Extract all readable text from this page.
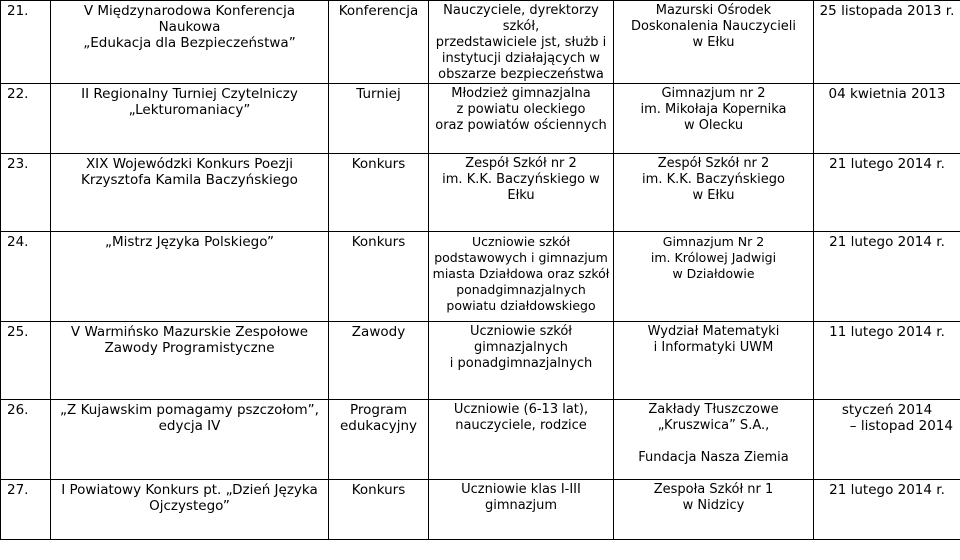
21.	V Międzynarodowa Konferencja Naukowa
„Edukacja dla Bezpieczeństwa”	Konferencja	Nauczyciele, dyrektorzy szkół,
przedstawiciele jst, służb i
instytucji działających w
obszarze bezpieczeństwa	Mazurski Ośrodek
Doskonalenia Nauczycieli
w Ełku	25 listopada 2013 r.

22.	II Regionalny Turniej Czytelniczy
„Lekturomaniacy”	Turniej	Młodzież gimnazjalna
z powiatu oleckiego
oraz powiatów ościennych	Gimnazjum nr 2
im. Mikołaja Kopernika
w Olecku	04 kwietnia 2013

23.	XIX Wojewódzki Konkurs Poezji
Krzysztofa Kamila Baczyńskiego	Konkurs	Zespół Szkół nr 2
im. K.K. Baczyńskiego w Ełku	Zespół Szkół nr 2
im. K.K. Baczyńskiego
w Ełku	21 lutego 2014 r.

24.	„Mistrz Języka Polskiego”	Konkurs	Uczniowie szkół
podstawowych i gimnazjum
miasta Działdowa oraz szkół
ponadgimnazjalnych
powiatu działdowskiego	Gimnazjum Nr 2
im. Królowej Jadwigi
w Działdowie	21 lutego 2014 r.

25.	V Warmińsko Mazurskie Zespołowe
Zawody Programistyczne	Zawody	Uczniowie szkół gimnazjalnych
i ponadgimnazjalnych	Wydział Matematyki
i Informatyki UWM	11 lutego 2014 r.

26.	„Z Kujawskim pomagamy pszczołom”,
edycja IV	Program
edukacyjny	Uczniowie (6-13 lat),
nauczyciele, rodzice	Zakłady Tłuszczowe
„Kruszwica” S.A.,

Fundacja Nasza Ziemia	styczeń 2014
– listopad 2014

27.	I Powiatowy Konkurs pt. „Dzień Języka
Ojczystego”	Konkurs	Uczniowie klas I-III
gimnazjum	Zespoła Szkół nr 1
w Nidzicy	21 lutego 2014 r.
